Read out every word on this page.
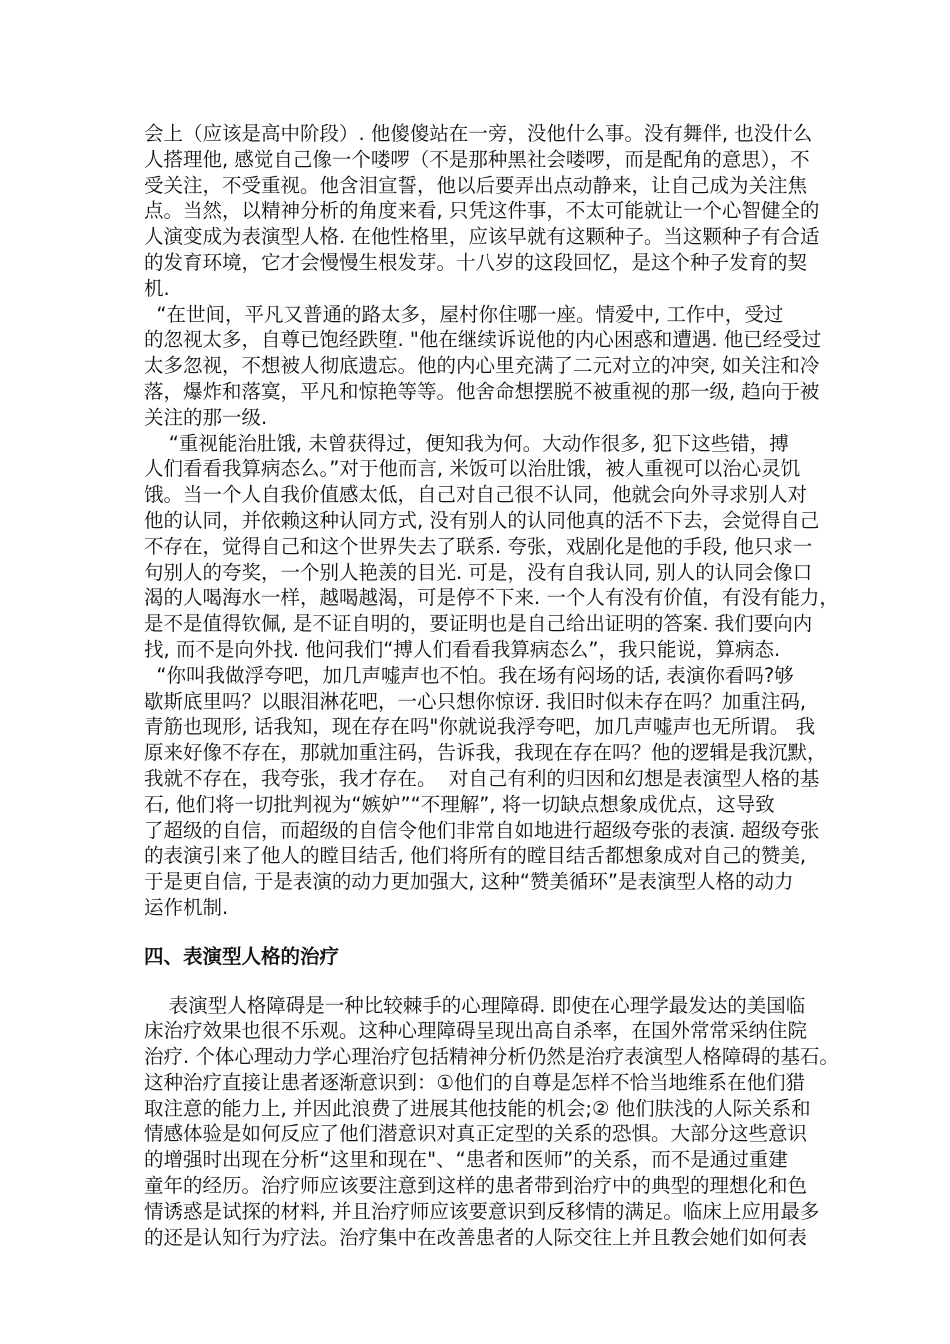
会上（应该是高中阶段）. 他傻傻站在一旁，没他什么事。没有舞伴, 也没什么
人搭理他, 感觉自己像一个喽啰（不是那种黑社会喽啰，而是配角的意思），不
受关注，不受重视。他含泪宣誓，他以后要弄出点动静来，让自己成为关注焦
点。当然，以精神分析的角度来看, 只凭这件事，不太可能就让一个心智健全的
人演变成为表演型人格. 在他性格里，应该早就有这颗种子。当这颗种子有合适
的发育环境，它才会慢慢生根发芽。十八岁的这段回忆，是这个种子发育的契
机.
“在世间，平凡又普通的路太多，屋村你住哪一座。情爱中, 工作中，受过
的忽视太多，自尊已饱经跌堕. "他在继续诉说他的内心困惑和遭遇. 他已经受过
太多忽视，不想被人彻底遗忘。他的内心里充满了二元对立的冲突, 如关注和冷
落，爆炸和落寞，平凡和惊艳等等。他舍命想摆脱不被重视的那一级, 趋向于被
关注的那一级.
“重视能治肚饿, 未曾获得过，便知我为何。大动作很多, 犯下这些错，搏
人们看看我算病态么。”对于他而言, 米饭可以治肚饿，被人重视可以治心灵饥
饿。当一个人自我价值感太低，自己对自己很不认同，他就会向外寻求别人对
他的认同，并依赖这种认同方式, 没有别人的认同他真的活不下去，会觉得自己
不存在，觉得自己和这个世界失去了联系. 夸张，戏剧化是他的手段, 他只求一
句别人的夸奖，一个别人艳羡的目光. 可是，没有自我认同, 别人的认同会像口
渴的人喝海水一样，越喝越渴，可是停不下来. 一个人有没有价值，有没有能力，
是不是值得钦佩, 是不证自明的，要证明也是自己给出证明的答案. 我们要向内
找, 而不是向外找. 他问我们“搏人们看看我算病态么”，我只能说，算病态.
“你叫我做浮夸吧，加几声嘘声也不怕。我在场有闷场的话, 表演你看吗?够
歇斯底里吗？以眼泪淋花吧，一心只想你惊讶. 我旧时似未存在吗？加重注码,
青筋也现形, 话我知，现在存在吗"你就说我浮夸吧，加几声嘘声也无所谓。 我
原来好像不存在，那就加重注码，告诉我，我现在存在吗？他的逻辑是我沉默，
我就不存在，我夸张，我才存在。  对自己有利的归因和幻想是表演型人格的基
石, 他们将一切批判视为“嫉妒”“不理解”, 将一切缺点想象成优点，这导致
了超级的自信，而超级的自信令他们非常自如地进行超级夸张的表演. 超级夸张
的表演引来了他人的瞠目结舌, 他们将所有的瞠目结舌都想象成对自己的赞美,
于是更自信, 于是表演的动力更加强大, 这种“赞美循环”是表演型人格的动力
运作机制.
四、表演型人格的治疗
表演型人格障碍是一种比较棘手的心理障碍. 即使在心理学最发达的美国临
床治疗效果也很不乐观。这种心理障碍呈现出高自杀率，在国外常常采纳住院
治疗. 个体心理动力学心理治疗包括精神分析仍然是治疗表演型人格障碍的基石。
这种治疗直接让患者逐渐意识到：①他们的自尊是怎样不恰当地维系在他们猎
取注意的能力上, 并因此浪费了进展其他技能的机会;② 他们肤浅的人际关系和
情感体验是如何反应了他们潜意识对真正定型的关系的恐惧。大部分这些意识
的增强时出现在分析“这里和现在"、“患者和医师”的关系，而不是通过重建
童年的经历。治疗师应该要注意到这样的患者带到治疗中的典型的理想化和色
情诱惑是试探的材料, 并且治疗师应该要意识到反移情的满足。临床上应用最多
的还是认知行为疗法。治疗集中在改善患者的人际交往上并且教会她们如何表
